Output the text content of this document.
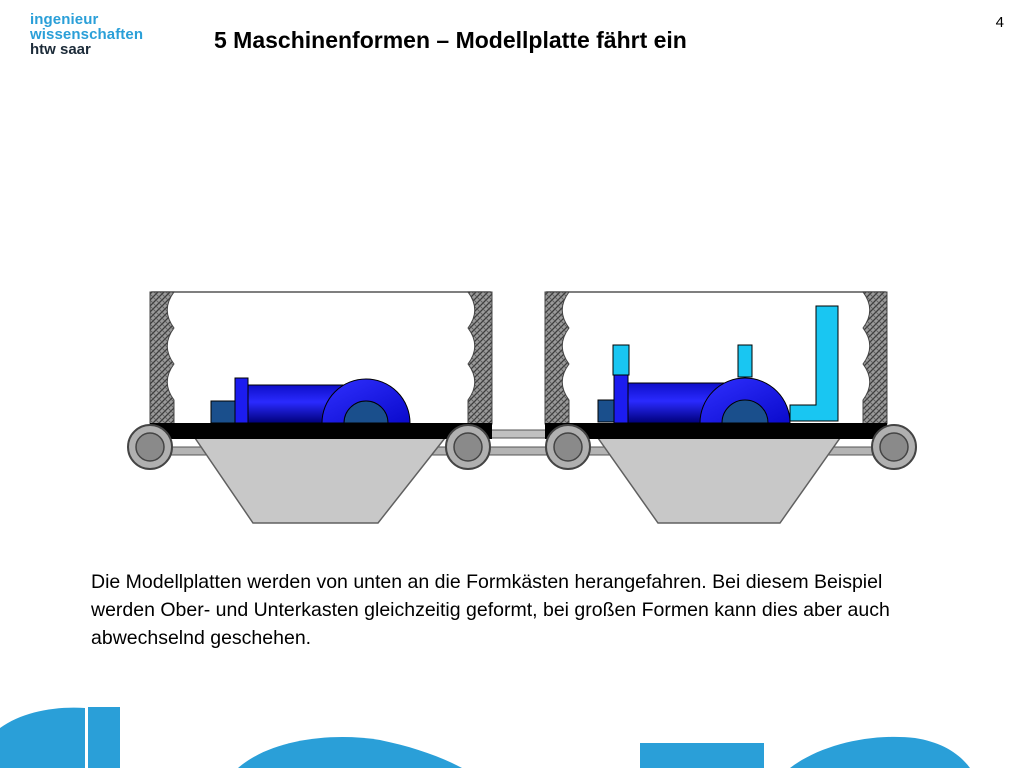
ingenieur
wissenschaften
htw saar	5 Maschinenformen – Modellplatte fährt ein
4

Die Modellplatten werden von unten an die Formkästen herangefahren. Bei diesem Beispiel werden Ober- und Unterkasten gleichzeitig geformt, bei großen Formen kann dies aber auch abwechselnd geschehen.
